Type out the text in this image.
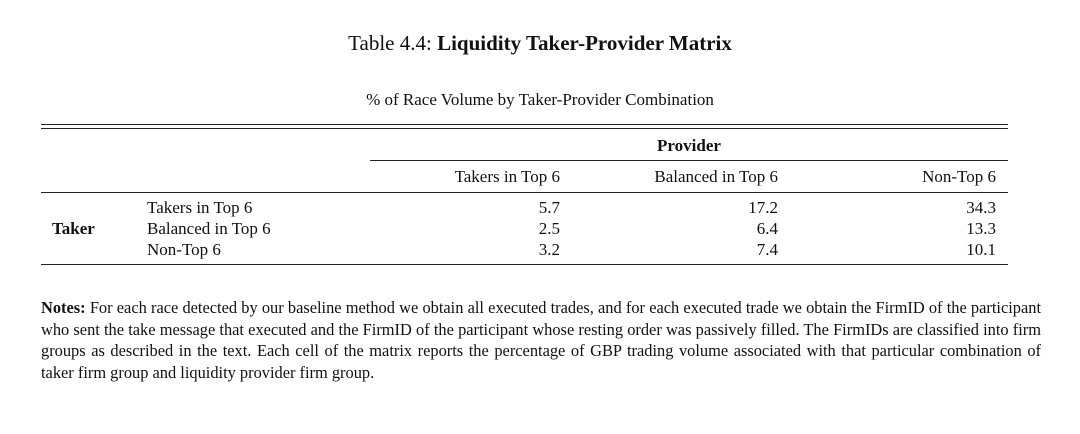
Table 4.4: Liquidity Taker-Provider Matrix
% of Race Volume by Taker-Provider Combination
Provider
Takers in Top 6	Balanced in Top 6	Non-Top 6
Taker
Takers in Top 6	5.7	17.2	34.3
Balanced in Top 6	2.5	6.4	13.3
Non-Top 6	3.2	7.4	10.1
Notes: For each race detected by our baseline method we obtain all executed trades, and for each executed trade we obtain the FirmID of the participant who sent the take message that executed and the FirmID of the participant whose resting order was passively filled. The FirmIDs are classified into firm groups as described in the text. Each cell of the matrix reports the percentage of GBP trading volume associated with that particular combination of taker firm group and liquidity provider firm group.
